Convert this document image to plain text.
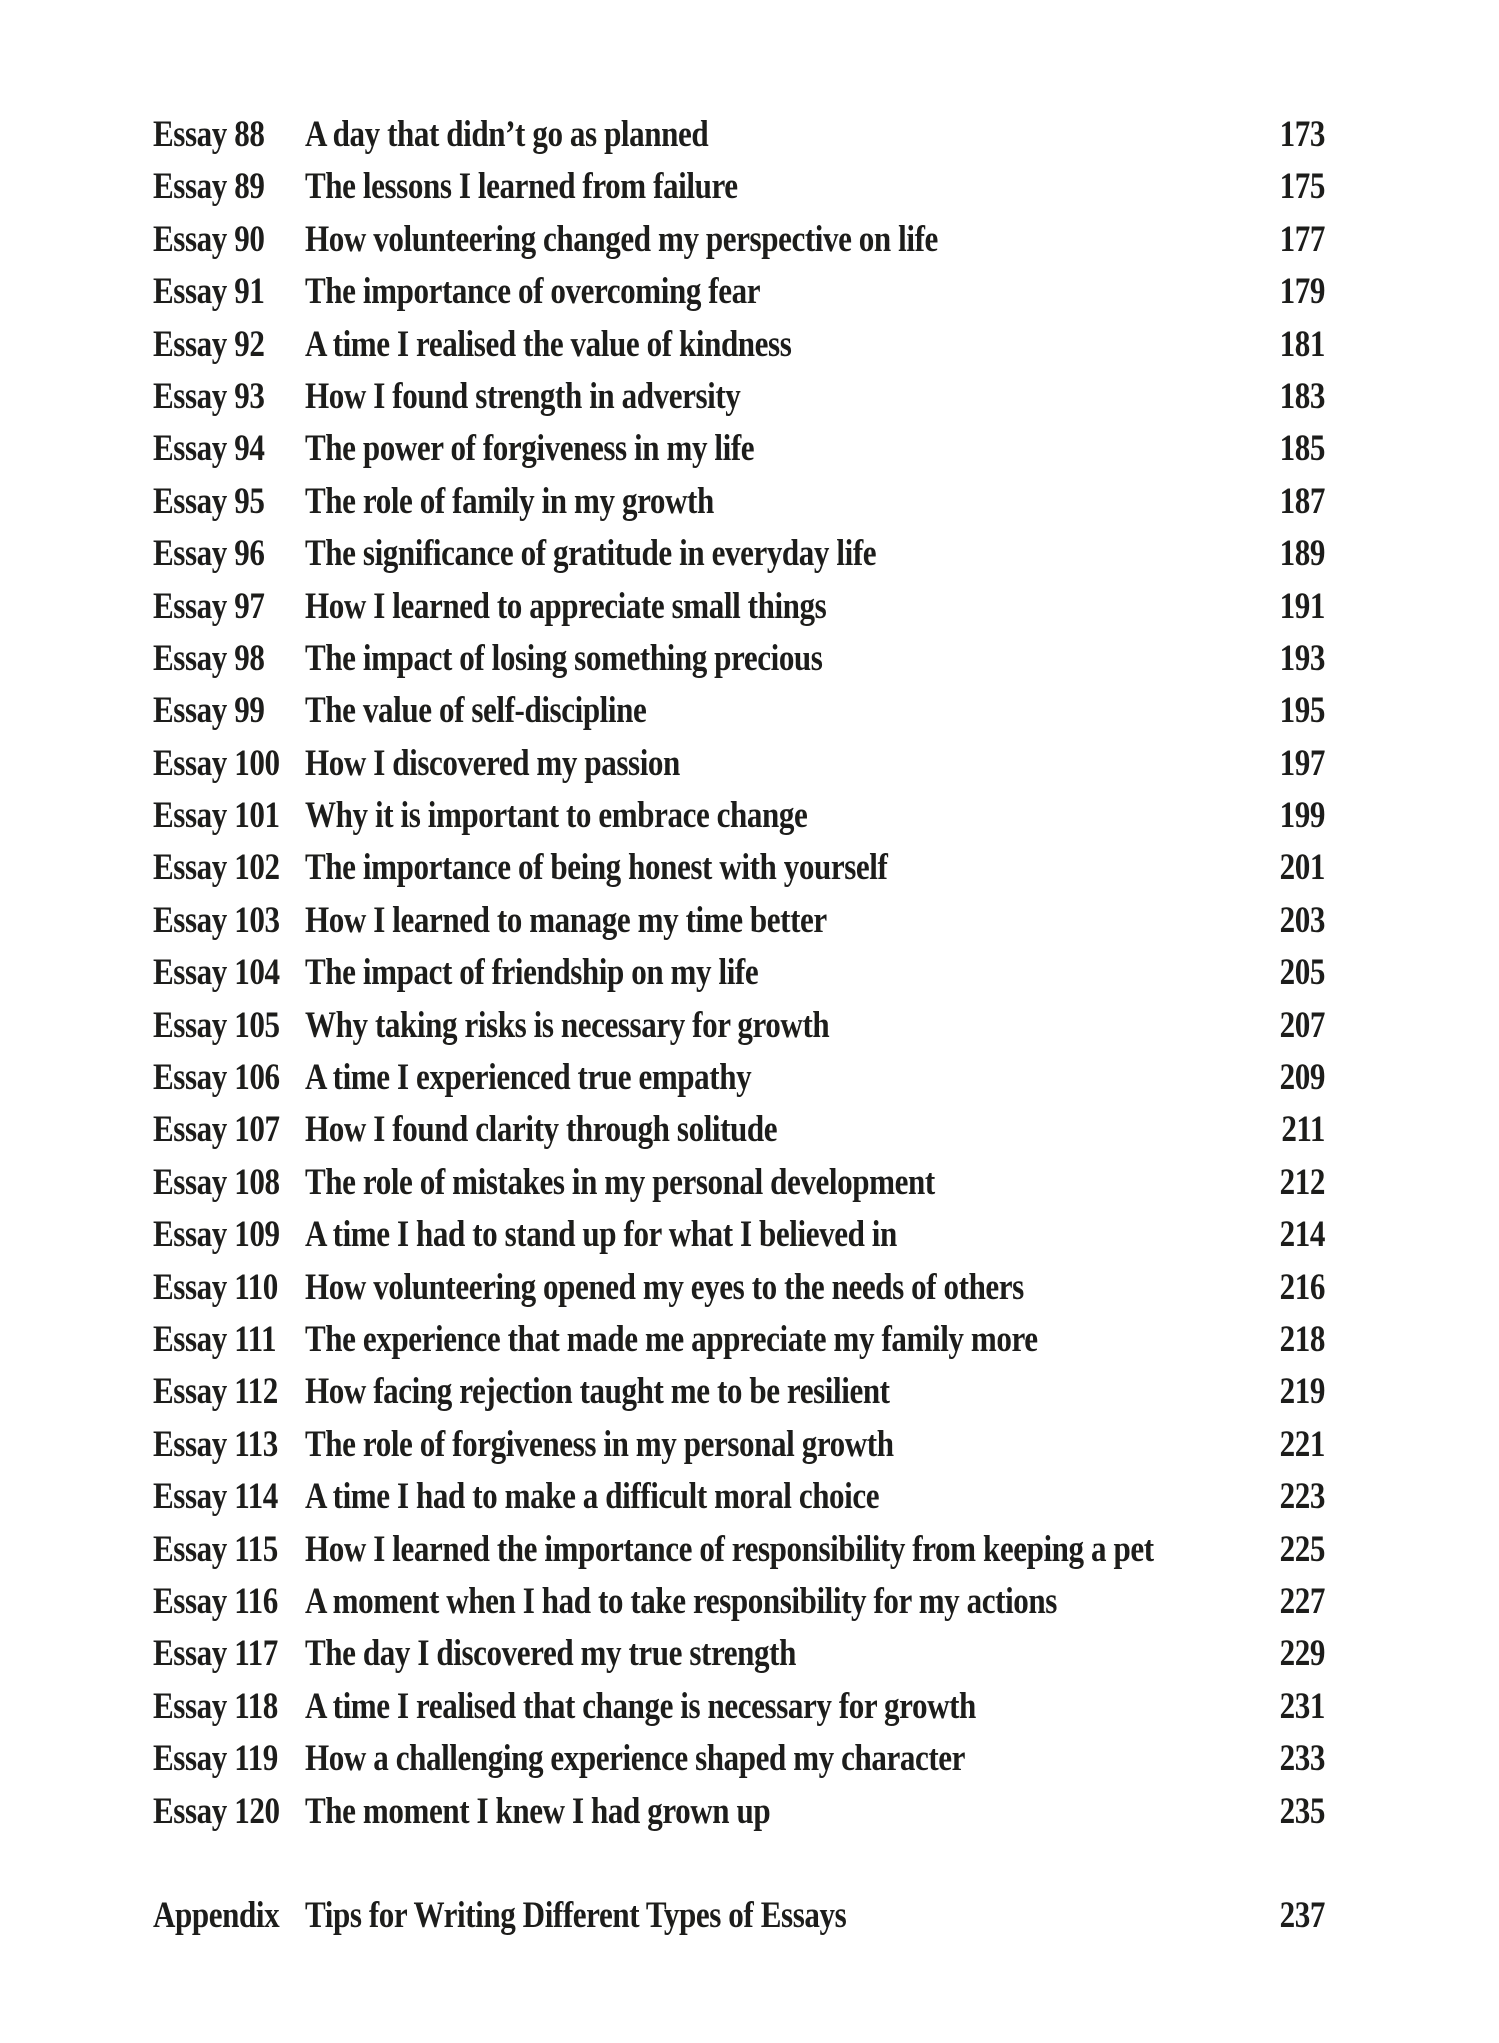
Essay 88	A day that didn’t go as planned	173
Essay 89	The lessons I learned from failure	175
Essay 90	How volunteering changed my perspective on life	177
Essay 91	The importance of overcoming fear	179
Essay 92	A time I realised the value of kindness	181
Essay 93	How I found strength in adversity	183
Essay 94	The power of forgiveness in my life	185
Essay 95	The role of family in my growth	187
Essay 96	The significance of gratitude in everyday life	189
Essay 97	How I learned to appreciate small things	191
Essay 98	The impact of losing something precious	193
Essay 99	The value of self-discipline	195
Essay 100 How I discovered my passion	197
Essay 101 Why it is important to embrace change	199
Essay 102 The importance of being honest with yourself	201
Essay 103 How I learned to manage my time better	203
Essay 104 The impact of friendship on my life	205
Essay 105 Why taking risks is necessary for growth	207
Essay 106 A time I experienced true empathy	209
Essay 107 How I found clarity through solitude	211
Essay 108 The role of mistakes in my personal development	212
Essay 109 A time I had to stand up for what I believed in	214
Essay 110 How volunteering opened my eyes to the needs of others	216
Essay 111 The experience that made me appreciate my family more	218
Essay 112 How facing rejection taught me to be resilient	219
Essay 113 The role of forgiveness in my personal growth	221
Essay 114 A time I had to make a difficult moral choice	223
Essay 115 How I learned the importance of responsibility from keeping a pet	225
Essay 116 A moment when I had to take responsibility for my actions	227
Essay 117 The day I discovered my true strength	229
Essay 118 A time I realised that change is necessary for growth	231
Essay 119 How a challenging experience shaped my character	233
Essay 120 The moment I knew I had grown up	235
Appendix Tips for Writing Different Types of Essays	237
